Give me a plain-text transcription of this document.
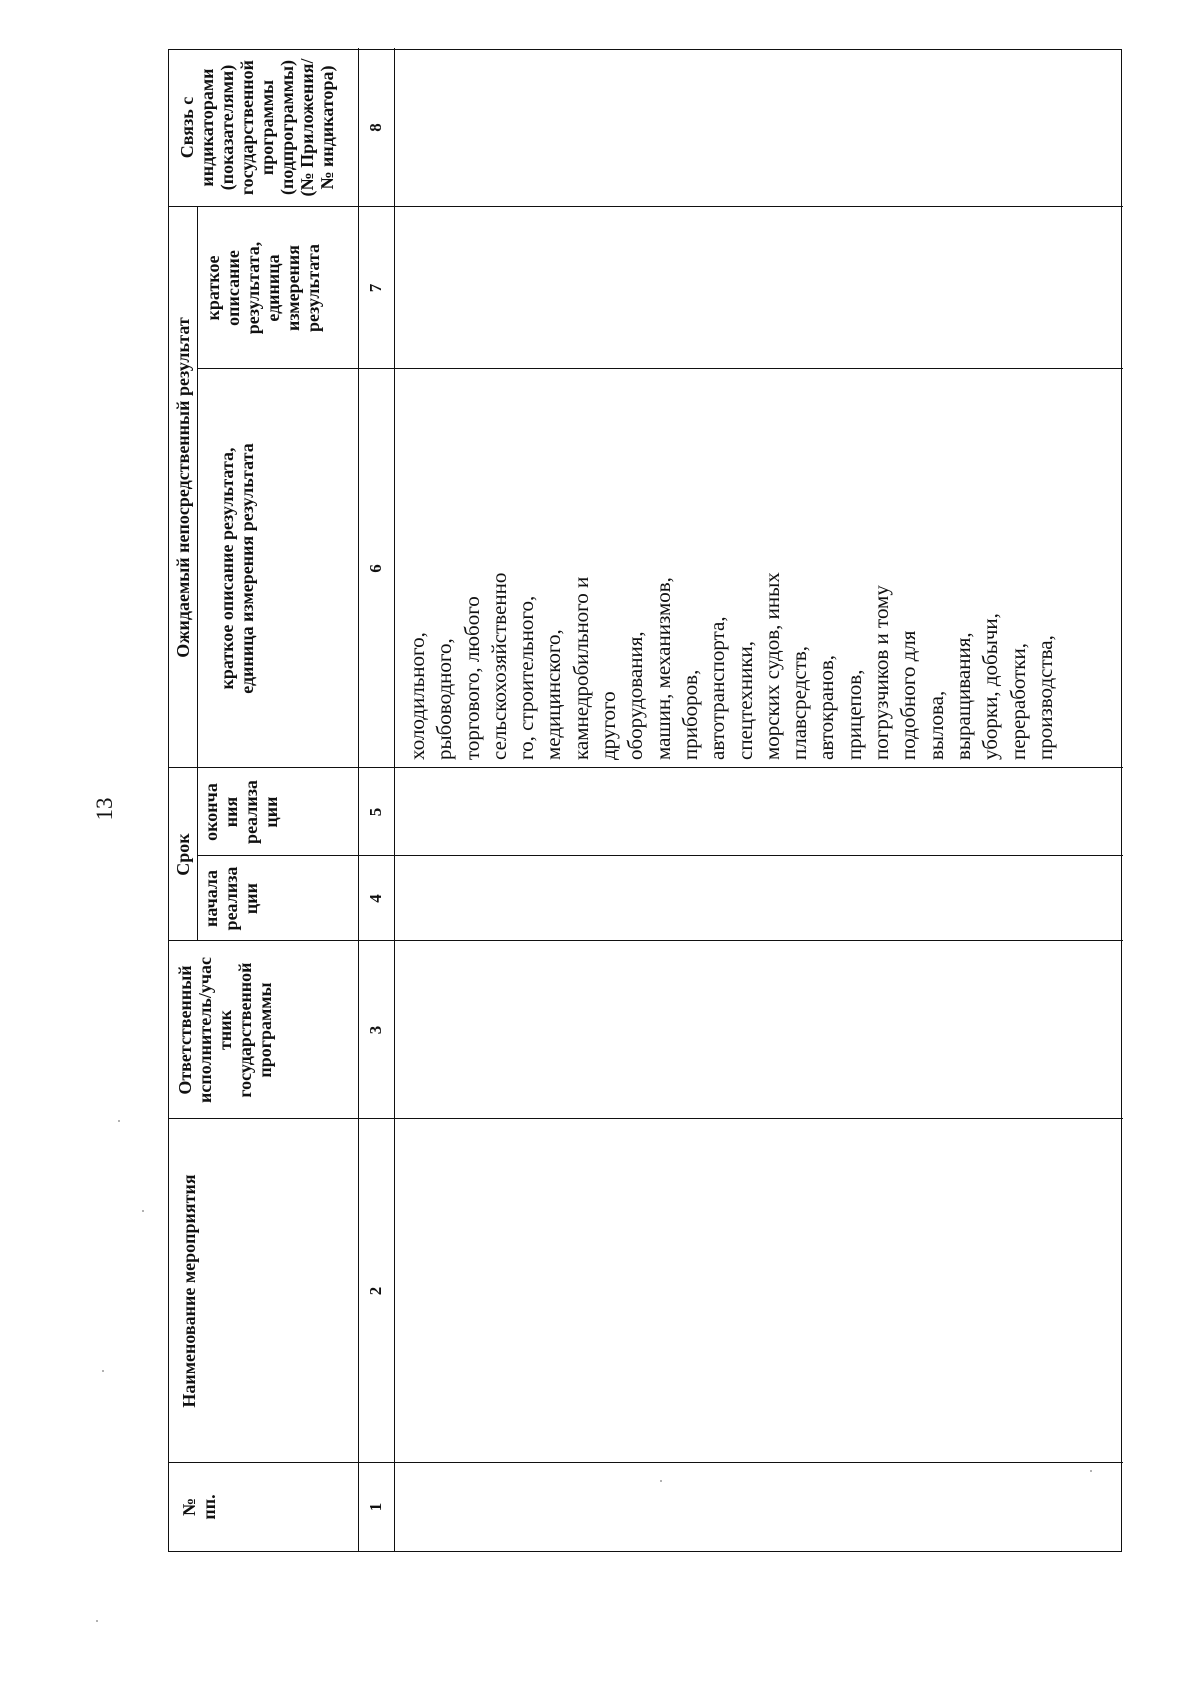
13
№ пп.
Наименование мероприятия
Ответственный исполнитель/учас тник государственной программы
Срок
начала реализа ции
оконча ния реализа ции
Ожидаемый непосредственный результат	краткое описание результата, единица измерения результата
краткое описание результата, единица измерения результата
Связь с индикаторами (показателями) государственной программы (подпрограммы) (№ Приложения/№ индикатора)
1
2
3
4
5
6
7
8
холодильного, рыбоводного, торгового, любого сельскохозяйственно го, строительного, медицинского, камнедробильного и другого оборудования, машин, механизмов, приборов, автотранспорта, спецтехники, морских судов, иных плавсредств, автокранов, прицепов, погрузчиков и тому подобного для вылова, выращивания, уборки, добычи, переработки, производства,
